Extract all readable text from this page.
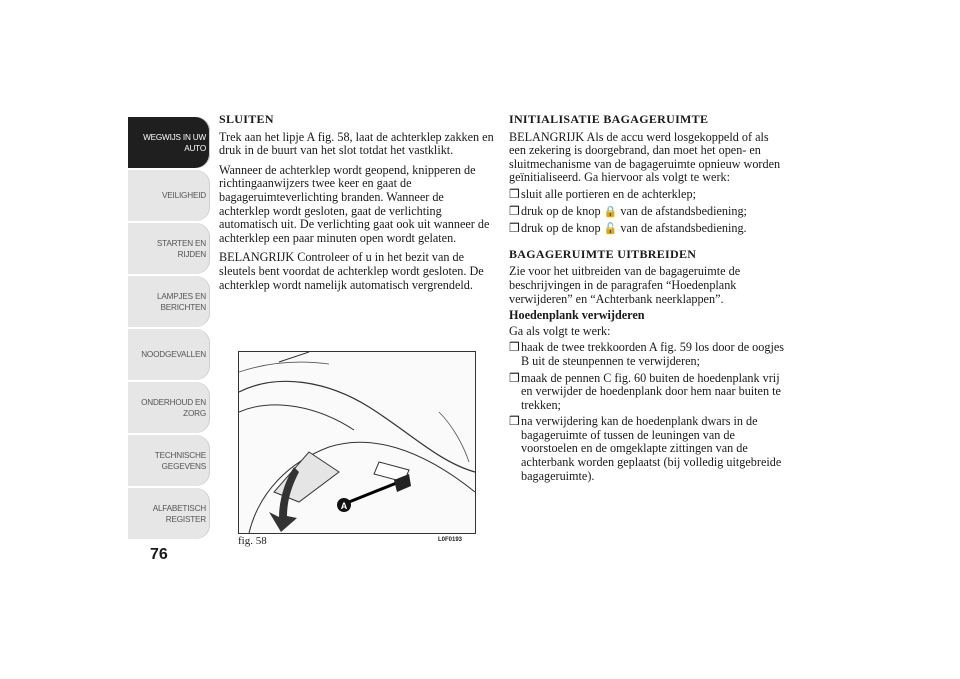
WEGWIJS IN UW
AUTO
VEILIGHEID
STARTEN EN
RIJDEN
LAMPJES EN
BERICHTEN
NOODGEVALLEN
ONDERHOUD EN
ZORG
TECHNISCHE
GEGEVENS
ALFABETISCH
REGISTER
76
SLUITEN

Trek aan het lipje A fig. 58, laat de achterklep zakken en druk in de buurt van het slot totdat het vastklikt.

Wanneer de achterklep wordt geopend, knipperen de richtingaanwijzers twee keer en gaat de bagageruimteverlichting branden. Wanneer de achterklep wordt gesloten, gaat de verlichting automatisch uit. De verlichting gaat ook uit wanneer de achterklep een paar minuten open wordt gelaten.

BELANGRIJK Controleer of u in het bezit van de sleutels bent voordat de achterklep wordt gesloten. De achterklep wordt namelijk automatisch vergrendeld.

A
fig. 58	L0F0193
INITIALISATIE BAGAGERUIMTE

BELANGRIJK Als de accu werd losgekoppeld of als een zekering is doorgebrand, dan moet het open- en sluitmechanisme van de bagageruimte opnieuw worden geïnitialiseerd. Ga hiervoor als volgt te werk:

❒ sluit alle portieren en de achterklep;
❒ druk op de knop 🔒 van de afstandsbediening;
❒ druk op de knop 🔓 van de afstandsbediening.
BAGAGERUIMTE UITBREIDEN

Zie voor het uitbreiden van de bagageruimte de beschrijvingen in de paragrafen “Hoedenplank verwijderen” en “Achterbank neerklappen”.

Hoedenplank verwijderen

Ga als volgt te werk:

❒ haak de twee trekkoorden A fig. 59 los door de oogjes B uit de steunpennen te verwijderen;
❒ maak de pennen C fig. 60 buiten de hoedenplank vrij en verwijder de hoedenplank door hem naar buiten te trekken;
❒ na verwijdering kan de hoedenplank dwars in de bagageruimte of tussen de leuningen van de voorstoelen en de omgeklapte zittingen van de achterbank worden geplaatst (bij volledig uitgebreide bagageruimte).
